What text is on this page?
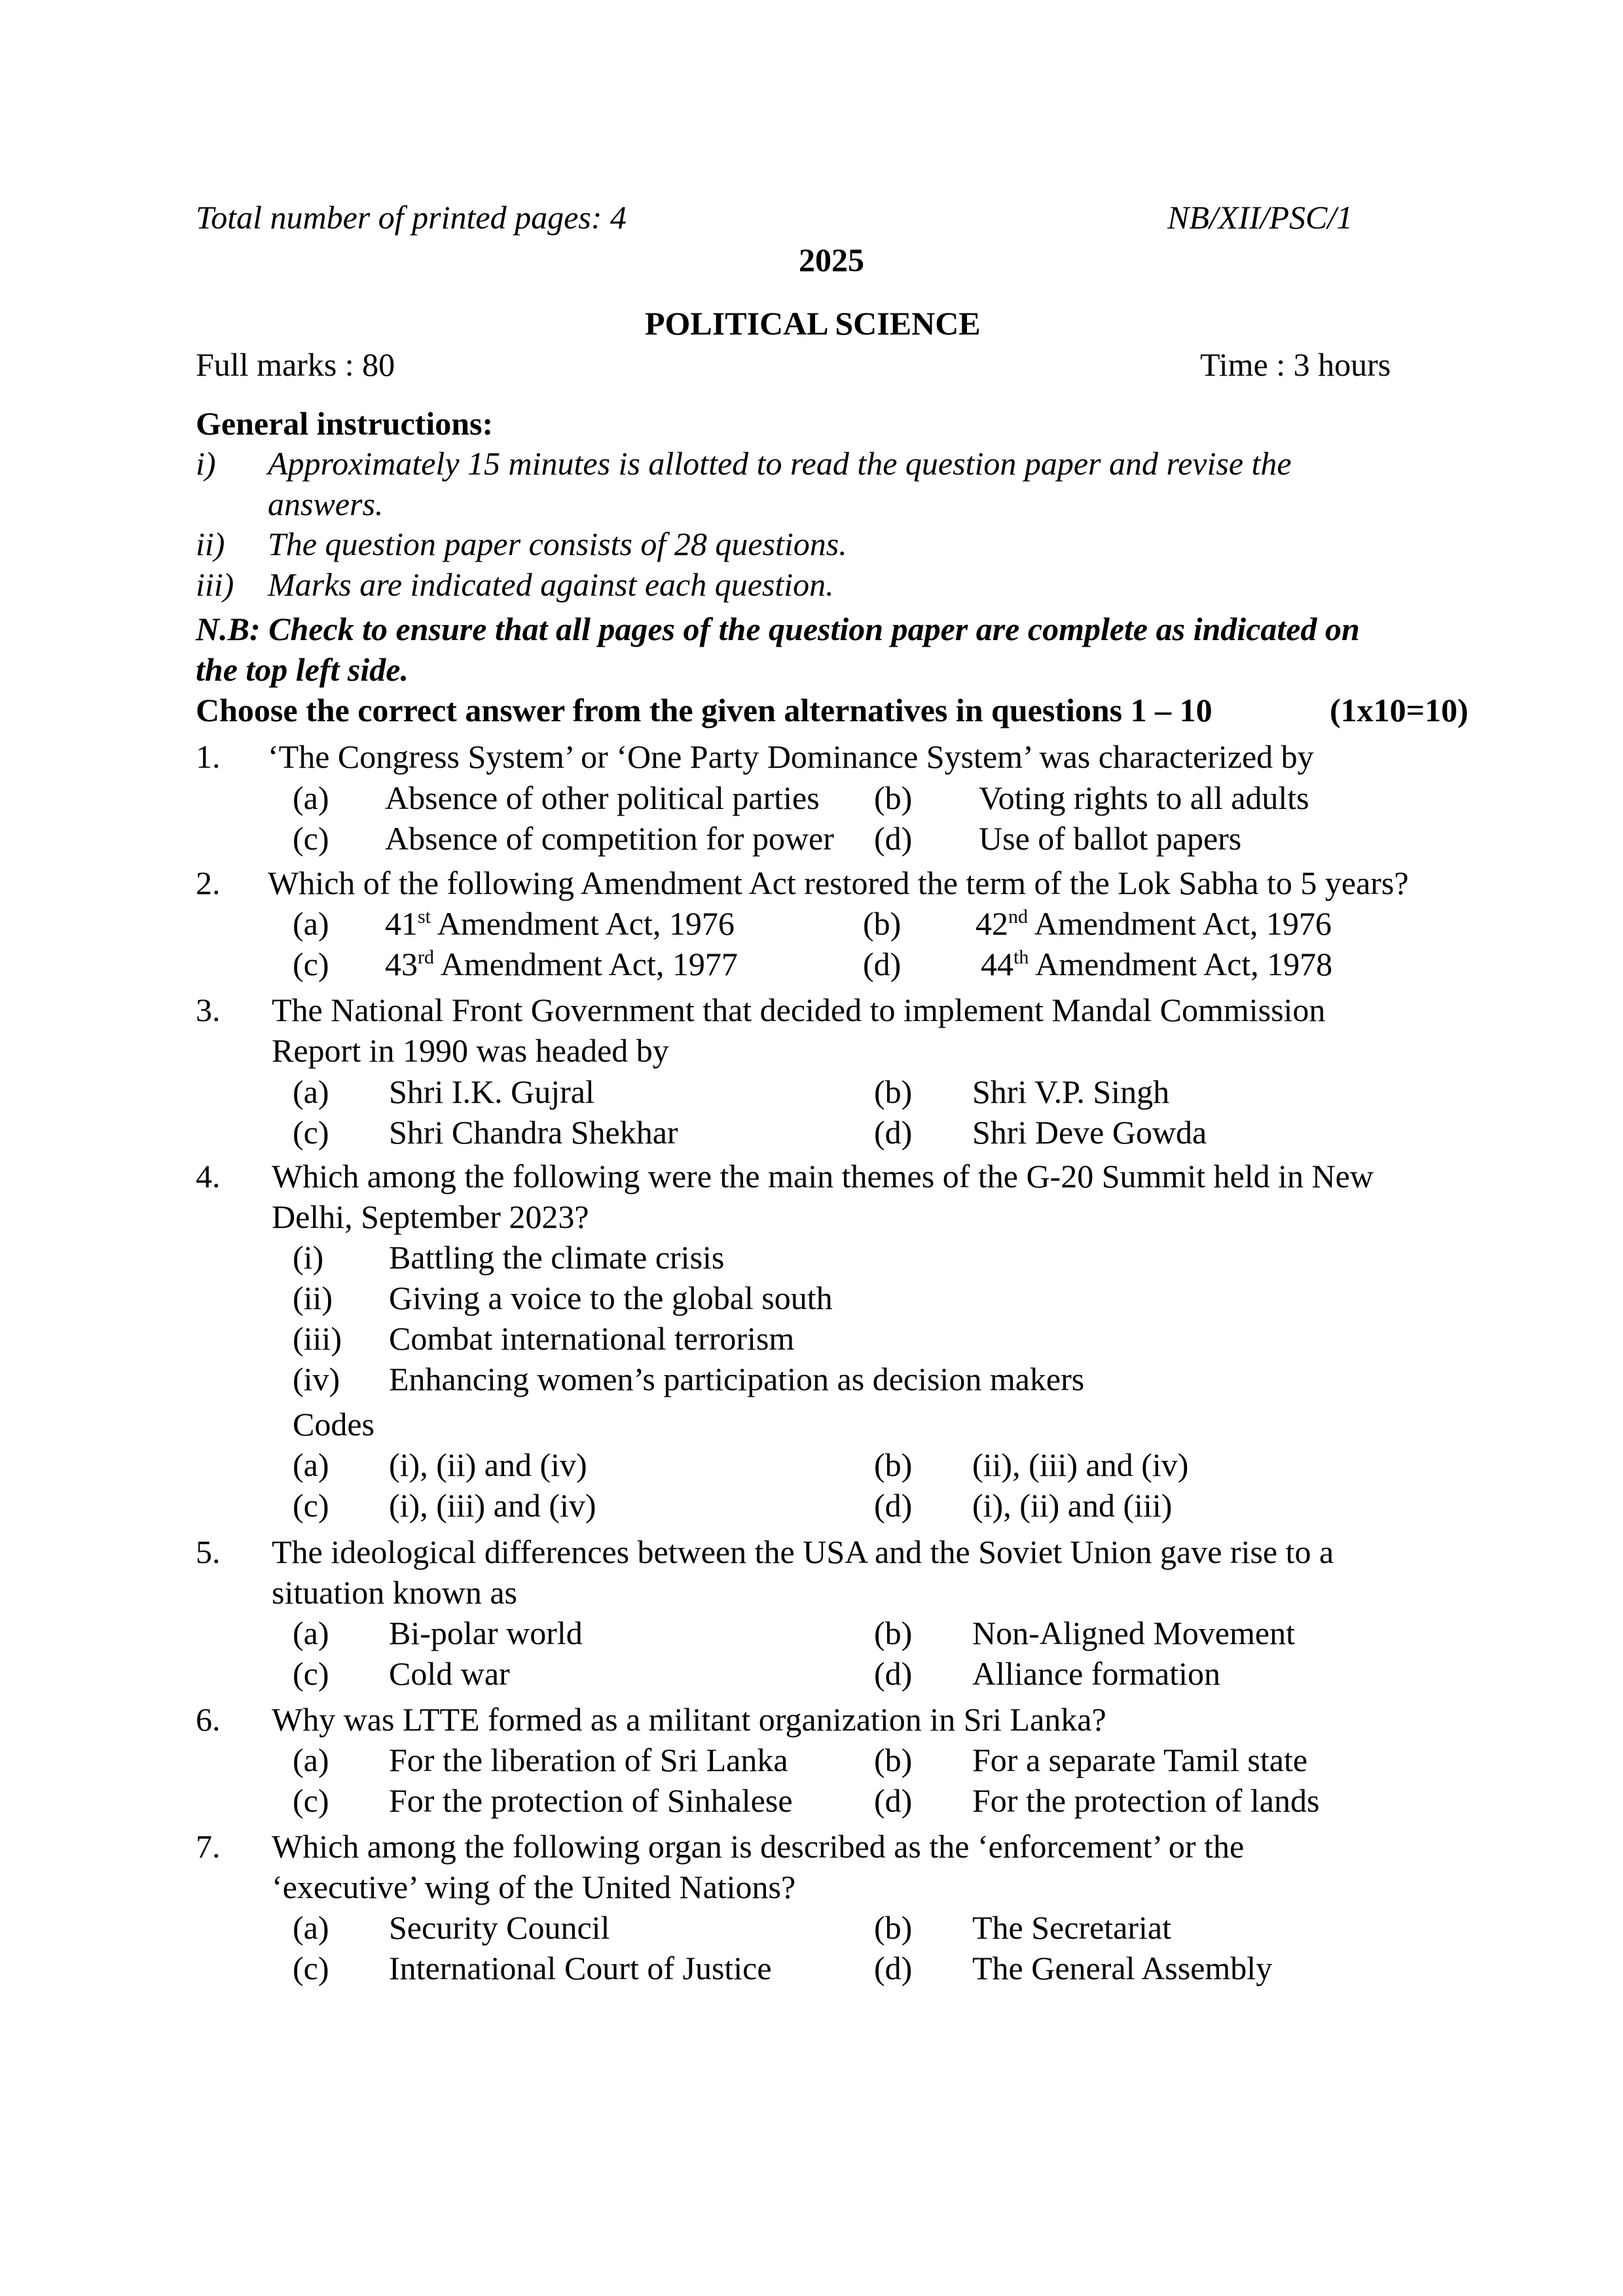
Total number of printed pages: 4	NB/XII/PSC/1
2025
POLITICAL SCIENCE
Full marks : 80	Time : 3 hours
General instructions:
i) Approximately 15 minutes is allotted to read the question paper and revise the
answers.
ii) The question paper consists of 28 questions.
iii) Marks are indicated against each question.
N.B: Check to ensure that all pages of the question paper are complete as indicated on
the top left side.
Choose the correct answer from the given alternatives in questions 1 – 10	(1x10=10)
1. ‘The Congress System’ or ‘One Party Dominance System’ was characterized by
(a) Absence of other political parties (b) Voting rights to all adults
(c) Absence of competition for power (d) Use of ballot papers
2. Which of the following Amendment Act restored the term of the Lok Sabha to 5 years?
(a) 41st Amendment Act, 1976	(b) 42nd Amendment Act, 1976
(c) 43rd Amendment Act, 1977	(d) 44th Amendment Act, 1978
3. The National Front Government that decided to implement Mandal Commission
Report in 1990 was headed by
(a) Shri I.K. Gujral	(b) Shri V.P. Singh
(c) Shri Chandra Shekhar	(d) Shri Deve Gowda
4. Which among the following were the main themes of the G-20 Summit held in New
Delhi, September 2023?
(i) Battling the climate crisis
(ii) Giving a voice to the global south
(iii) Combat international terrorism
(iv) Enhancing women’s participation as decision makers
Codes
(a) (i), (ii) and (iv)	(b) (ii), (iii) and (iv)
(c) (i), (iii) and (iv)	(d) (i), (ii) and (iii)
5. The ideological differences between the USA and the Soviet Union gave rise to a
situation known as
(a) Bi-polar world	(b) Non-Aligned Movement
(c) Cold war	(d) Alliance formation
6. Why was LTTE formed as a militant organization in Sri Lanka?
(a) For the liberation of Sri Lanka	(b) For a separate Tamil state
(c) For the protection of Sinhalese (d) For the protection of lands
7. Which among the following organ is described as the ‘enforcement’ or the
‘executive’ wing of the United Nations?
(a) Security Council	(b) The Secretariat
(c) International Court of Justice	(d) The General Assembly
